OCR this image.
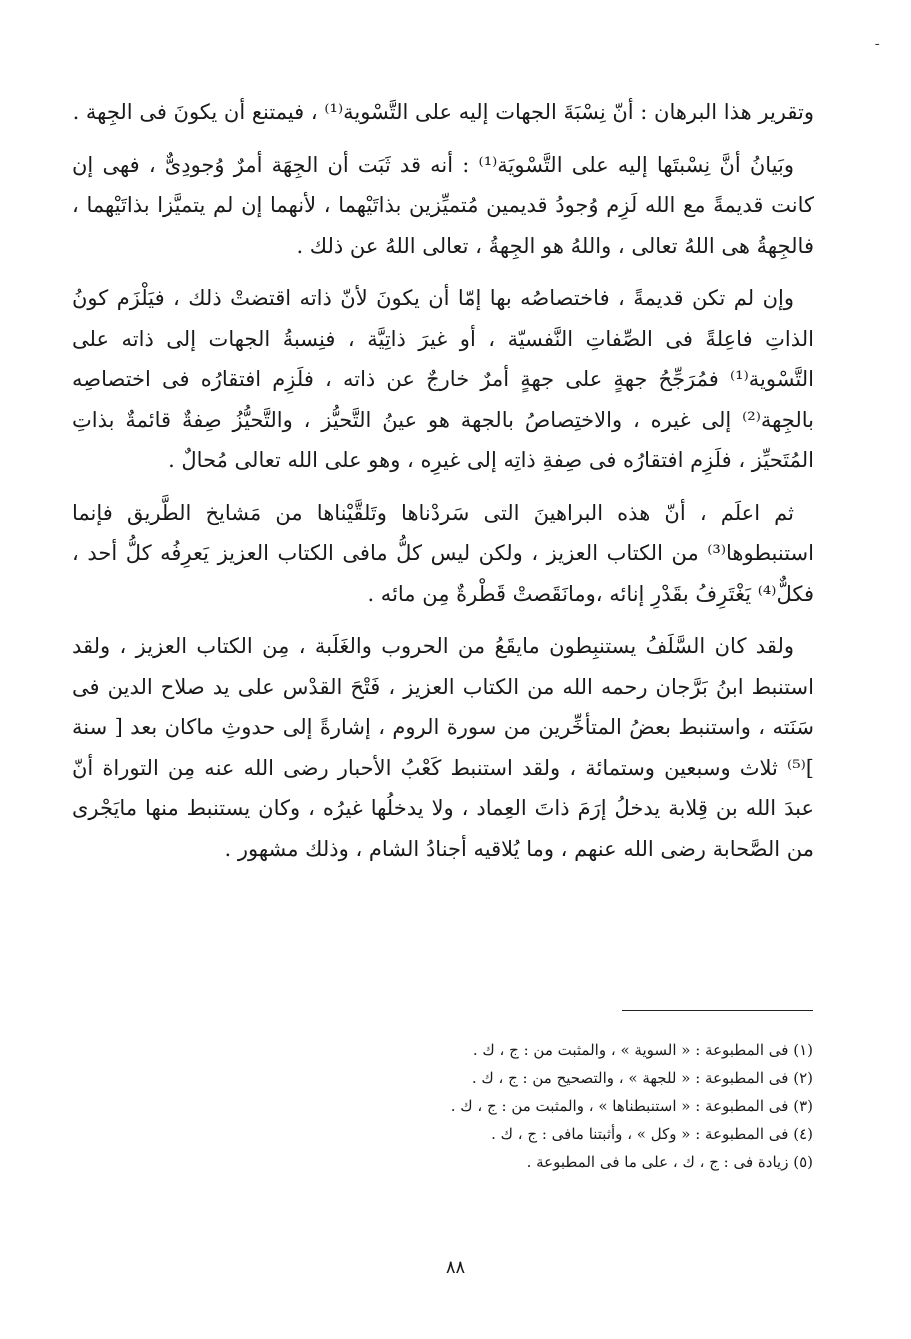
ـ

وتقرير هذا البرهان : أنّ نِسْبَةَ الجهات إليه على التَّسْوية⁽¹⁾ ، فيمتنع أن يكونَ فى الجِهة .

وبَيانُ أنَّ نِسْبتَها إليه على التَّسْويَة⁽¹⁾ : أنه قد ثَبَت أن الجِهَة أمرٌ وُجودِىٌّ ، فهى إن كانت قديمةً مع الله لَزِم وُجودُ قديمين مُتميِّزين بذاتَيْهما ، لأنهما إن لم يتميَّزا بذاتَيْهما ، فالجِهةُ هى اللهُ تعالى ، واللهُ هو الجِهةُ ، تعالى اللهُ عن ذلك .

وإن لم تكن قديمةً ، فاختصاصُه بها إمّا أن يكونَ لأنّ ذاته اقتضتْ ذلك ، فيَلْزَم كونُ الذاتِ فاعِلةً فى الصِّفاتِ النَّفسيّة ، أو غيرَ ذاتِيَّة ، فنِسبةُ الجهات إلى ذاته على التَّسْوية⁽¹⁾ فمُرَجِّحُ جهةٍ على جهةٍ أمرٌ خارجٌ عن ذاته ، فلَزِم افتقارُه فى اختصاصِه بالجِهة⁽²⁾ إلى غيره ، والاختِصاصُ بالجهة هو عينُ التَّحيُّز ، والتَّحيُّزُ صِفةٌ قائمةٌ بذاتِ المُتَحيِّز ، فلَزِم افتقارُه فى صِفةِ ذاتِه إلى غيرِه ، وهو على الله تعالى مُحالٌ .

ثم اعلَم ، أنّ هذه البراهينَ التى سَردْناها وتَلقَّيْناها من مَشايخ الطَّريق فإنما استنبطوها⁽³⁾ من الكتاب العزيز ، ولكن ليس كلُّ مافى الكتاب العزيز يَعرِفُه كلُّ أحد ، فكلٌّ⁽⁴⁾ يَغْتَرِفُ بقَدْرِ إنائه ،ومانَقَصتْ قَطْرةٌ مِن مائه .

ولقد كان السَّلَفُ يستنبِطون مايقَعُ من الحروب والغَلَبة ، مِن الكتاب العزيز ، ولقد استنبط ابنُ بَرَّجان رحمه الله من الكتاب العزيز ، فَتْحَ القدْس على يد صلاح الدين فى سَنَته ، واستنبط بعضُ المتأخِّرين من سورة الروم ، إشارةً إلى حدوثِ ماكان بعد [ سنة ]⁽⁵⁾ ثلاث وسبعين وستمائة ، ولقد استنبط كَعْبُ الأحبار رضى الله عنه مِن التوراة أنّ عبدَ الله بن قِلابة يدخلُ إرَمَ ذاتَ العِماد ، ولا يدخلُها غيرُه ، وكان يستنبط منها مايَجْرى من الصَّحابة رضى الله عنهم ، وما يُلاقيه أجنادُ الشام ، وذلك مشهور .

(١) فى المطبوعة : « السوية » ، والمثبت من : ج ، ك .
(٢) فى المطبوعة : « للجهة » ، والتصحيح من : ج ، ك .
(٣) فى المطبوعة : « استنبطناها » ، والمثبت من : ج ، ك .
(٤) فى المطبوعة : « وكل » ، وأثبتنا مافى : ج ، ك .
(٥) زيادة فى : ج ، ك ، على ما فى المطبوعة .
٨٨
